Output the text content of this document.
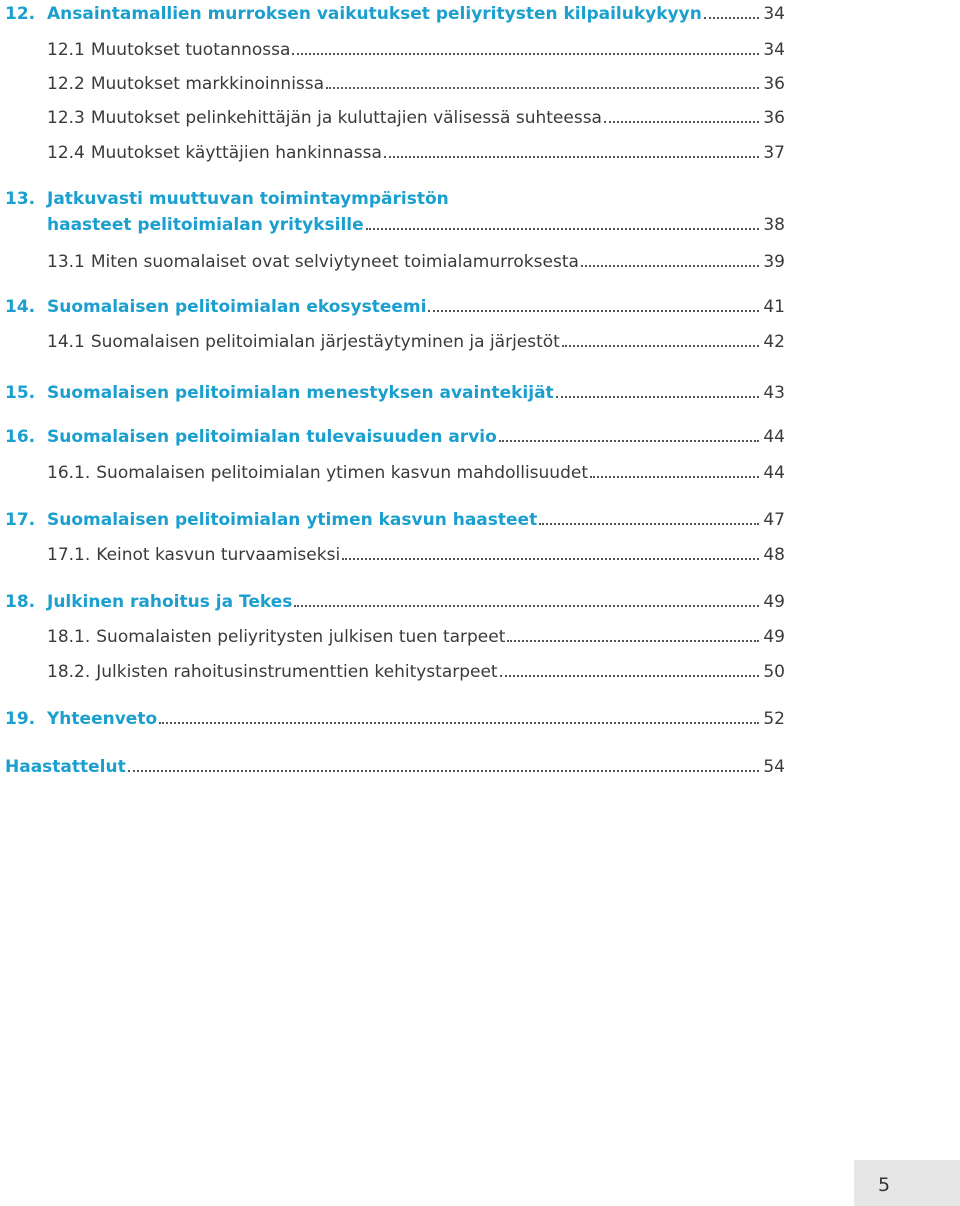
12. Ansaintamallien murroksen vaikutukset peliyritysten kilpailukykyyn	34
12.1 Muutokset tuotannossa	34
12.2 Muutokset markkinoinnissa	36
12.3 Muutokset pelinkehittäjän ja kuluttajien välisessä suhteessa	36
12.4 Muutokset käyttäjien hankinnassa	37
13. Jatkuvasti muuttuvan toimintaympäristön
haasteet pelitoimialan yrityksille	38
13.1 Miten suomalaiset ovat selviytyneet toimialamurroksesta	39
14. Suomalaisen pelitoimialan ekosysteemi	41
14.1 Suomalaisen pelitoimialan järjestäytyminen ja järjestöt	42
15. Suomalaisen pelitoimialan menestyksen avaintekijät	43
16. Suomalaisen pelitoimialan tulevaisuuden arvio	44
16.1. Suomalaisen pelitoimialan ytimen kasvun mahdollisuudet	44
17. Suomalaisen pelitoimialan ytimen kasvun haasteet	47
17.1. Keinot kasvun turvaamiseksi	48
18. Julkinen rahoitus ja Tekes	49
18.1. Suomalaisten peliyritysten julkisen tuen tarpeet	49
18.2. Julkisten rahoitusinstrumenttien kehitystarpeet	50
19. Yhteenveto	52
Haastattelut	54
5
